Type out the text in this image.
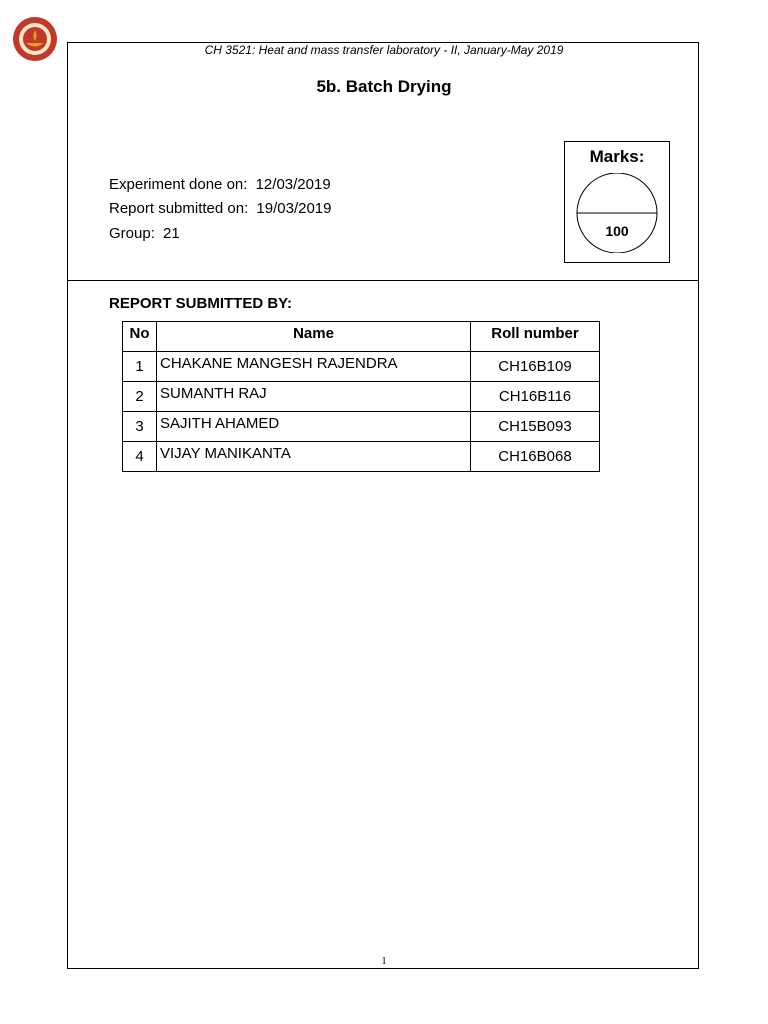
CH 3521: Heat and mass transfer laboratory - II, January-May 2019
5b. Batch Drying
Experiment done on: 12/03/2019
Report submitted on: 19/03/2019
Group: 21
Marks:
100
REPORT SUBMITTED BY:
No	Name	Roll number
1	CHAKANE MANGESH RAJENDRA	CH16B109
2	SUMANTH RAJ	CH16B116
3	SAJITH AHAMED	CH15B093
4	VIJAY MANIKANTA	CH16B068
1
